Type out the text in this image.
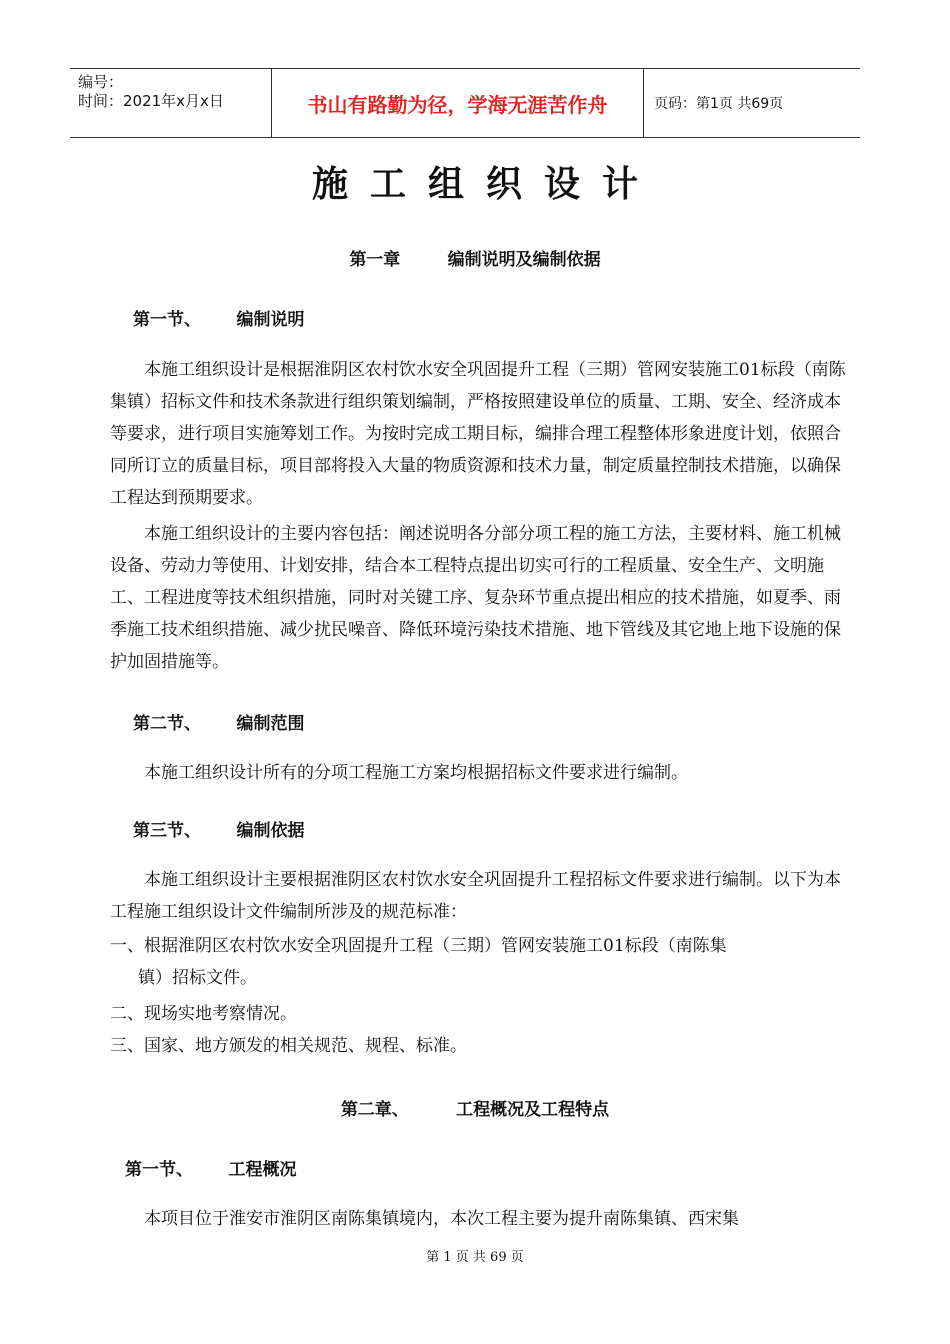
编号：
时间：2021年x月x日	书山有路勤为径，学海无涯苦作舟	页码：第1页 共69页
施工组织设计
第一章        编制说明及编制依据
第一节、      编制说明
本施工组织设计是根据淮阴区农村饮水安全巩固提升工程（三期）管网安装施工01标段（南陈集镇）招标文件和技术条款进行组织策划编制，严格按照建设单位的质量、工期、安全、经济成本等要求，进行项目实施筹划工作。为按时完成工期目标，编排合理工程整体形象进度计划，依照合同所订立的质量目标，项目部将投入大量的物质资源和技术力量，制定质量控制技术措施，以确保工程达到预期要求。
本施工组织设计的主要内容包括：阐述说明各分部分项工程的施工方法，主要材料、施工机械设备、劳动力等使用、计划安排，结合本工程特点提出切实可行的工程质量、安全生产、文明施工、工程进度等技术组织措施，同时对关键工序、复杂环节重点提出相应的技术措施，如夏季、雨季施工技术组织措施、减少扰民噪音、降低环境污染技术措施、地下管线及其它地上地下设施的保护加固措施等。
第二节、      编制范围
本施工组织设计所有的分项工程施工方案均根据招标文件要求进行编制。
第三节、      编制依据
本施工组织设计主要根据淮阴区农村饮水安全巩固提升工程招标文件要求进行编制。以下为本工程施工组织设计文件编制所涉及的规范标准：
一、根据淮阴区农村饮水安全巩固提升工程（三期）管网安装施工01标段（南陈集
镇）招标文件。
二、现场实地考察情况。
三、国家、地方颁发的相关规范、规程、标准。
第二章、        工程概况及工程特点
第一节、      工程概况
本项目位于淮安市淮阴区南陈集镇境内，本次工程主要为提升南陈集镇、西宋集
第 1 页 共 69 页
